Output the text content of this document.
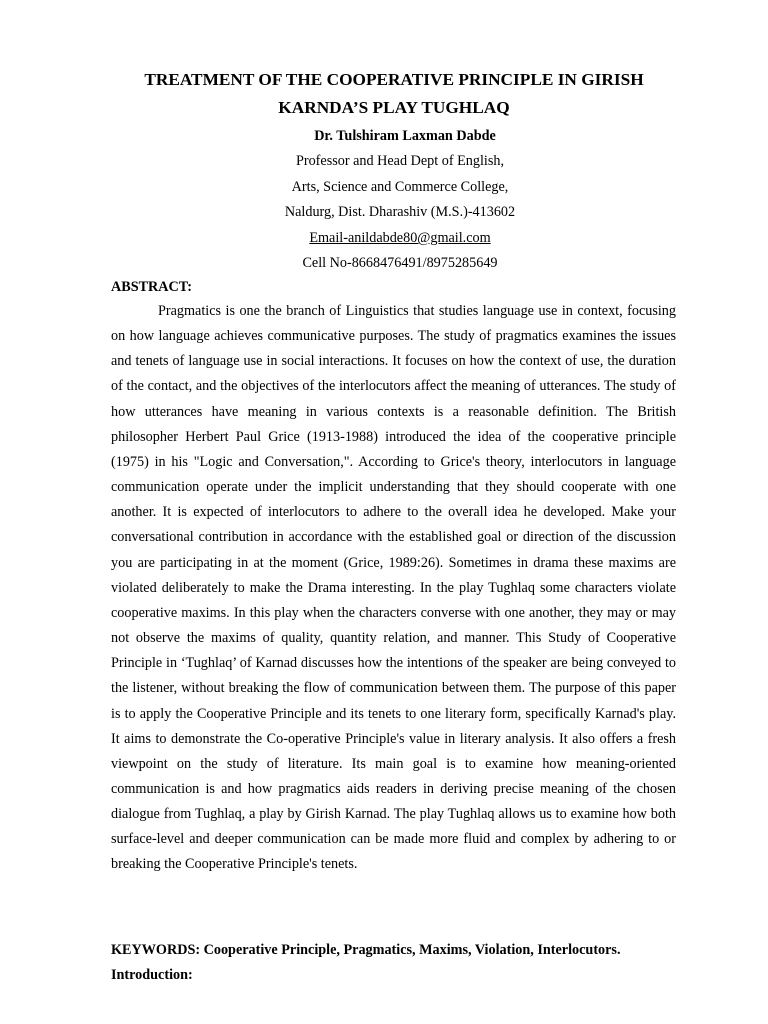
TREATMENT OF THE COOPERATIVE PRINCIPLE IN GIRISH
KARNDA’S PLAY TUGHLAQ
Dr. Tulshiram Laxman Dabde
Professor and Head Dept of English,
Arts, Science and Commerce College,
Naldurg, Dist. Dharashiv (M.S.)-413602
Email-anildabde80@gmail.com
Cell No-8668476491/8975285649
ABSTRACT:

Pragmatics is one the branch of Linguistics that studies language use in context, focusing on how language achieves communicative purposes. The study of pragmatics examines the issues and tenets of language use in social interactions. It focuses on how the context of use, the duration of the contact, and the objectives of the interlocutors affect the meaning of utterances. The study of how utterances have meaning in various contexts is a reasonable definition. The British philosopher Herbert Paul Grice (1913-1988) introduced the idea of the cooperative principle (1975) in his "Logic and Conversation,". According to Grice's theory, interlocutors in language communication operate under the implicit understanding that they should cooperate with one another. It is expected of interlocutors to adhere to the overall idea he developed. Make your conversational contribution in accordance with the established goal or direction of the discussion you are participating in at the moment (Grice, 1989:26). Sometimes in drama these maxims are violated deliberately to make the Drama interesting. In the play Tughlaq some characters violate cooperative maxims. In this play when the characters converse with one another, they may or may not observe the maxims of quality, quantity relation, and manner. This Study of Cooperative Principle in ‘Tughlaq’ of Karnad discusses how the intentions of the speaker are being conveyed to the listener, without breaking the flow of communication between them. The purpose of this paper is to apply the Cooperative Principle and its tenets to one literary form, specifically Karnad's play. It aims to demonstrate the Co-operative Principle's value in literary analysis. It also offers a fresh viewpoint on the study of literature. Its main goal is to examine how meaning-oriented communication is and how pragmatics aids readers in deriving precise meaning of the chosen dialogue from Tughlaq, a play by Girish Karnad. The play Tughlaq allows us to examine how both surface-level and deeper communication can be made more fluid and complex by adhering to or breaking the Cooperative Principle's tenets.

KEYWORDS: Cooperative Principle, Pragmatics, Maxims, Violation, Interlocutors.
Introduction:
